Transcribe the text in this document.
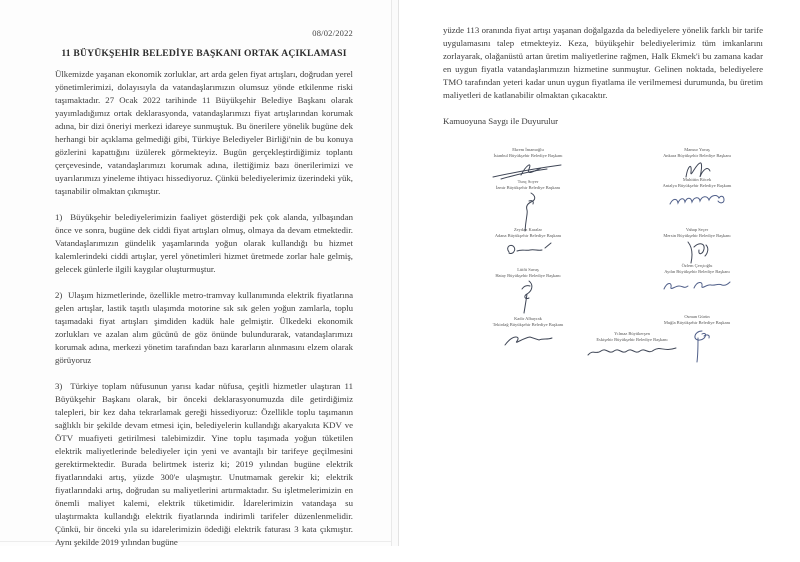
08/02/2022

11 BÜYÜKŞEHİR BELEDİYE BAŞKANI ORTAK AÇIKLAMASI

Ülkemizde yaşanan ekonomik zorluklar, art arda gelen fiyat artışları, doğrudan yerel yönetimlerimizi, dolayısıyla da vatandaşlarımızın olumsuz yönde etkilenme riski taşımaktadır. 27 Ocak 2022 tarihinde 11 Büyükşehir Belediye Başkanı olarak yayımladığımız ortak deklarasyonda, vatandaşlarımızı fiyat artışlarından korumak adına, bir dizi öneriyi merkezi idareye sunmuştuk. Bu önerilere yönelik bugüne dek herhangi bir açıklama gelmediği gibi, Türkiye Belediyeler Birliği'nin de bu konuya gözlerini kapattığını üzülerek görmekteyiz. Bugün gerçekleştirdiğimiz toplantı çerçevesinde, vatandaşlarımızı korumak adına, ilettiğimiz bazı önerilerimizi ve uyarılarımızı yineleme ihtiyacı hissediyoruz. Çünkü belediyelerimiz üzerindeki yük, taşınabilir olmaktan çıkmıştır.

1)  Büyükşehir belediyelerimizin faaliyet gösterdiği pek çok alanda, yılbaşından önce ve sonra, bugüne dek ciddi fiyat artışları olmuş, olmaya da devam etmektedir. Vatandaşlarımızın gündelik yaşamlarında yoğun olarak kullandığı bu hizmet kalemlerindeki ciddi artışlar, yerel yönetimleri hizmet üretmede zorlar hale gelmiş, gelecek günlerle ilgili kaygılar oluşturmuştur.

2)  Ulaşım hizmetlerinde, özellikle metro-tramvay kullanımında elektrik fiyatlarına gelen artışlar, lastik taşıtlı ulaşımda motorine sık sık gelen yoğun zamlarla, toplu taşımadaki fiyat artışları şimdiden kadük hale gelmiştir. Ülkedeki ekonomik zorlukları ve azalan alım gücünü de göz önünde bulundurarak, vatandaşlarımızı korumak adına, merkezi yönetim tarafından bazı kararların alınmasını elzem olarak görüyoruz

3)  Türkiye toplam nüfusunun yarısı kadar nüfusa, çeşitli hizmetler ulaştıran 11 Büyükşehir Başkanı olarak, bir önceki deklarasyonumuzda dile getirdiğimiz talepleri, bir kez daha tekrarlamak gereği hissediyoruz: Özellikle toplu taşımanın sağlıklı bir şekilde devam etmesi için, belediyelerin kullandığı akaryakıta KDV ve ÖTV muafiyeti getirilmesi talebimizdir. Yine toplu taşımada yoğun tüketilen elektrik maliyetlerinde belediyeler için yeni ve avantajlı bir tarifeye geçilmesini gerektirmektedir. Burada belirtmek isteriz ki; 2019 yılından bugüne elektrik fiyatlarındaki artış, yüzde 300'e ulaşmıştır. Unutmamak gerekir ki; elektrik fiyatlarındaki artış, doğrudan su maliyetlerini artırmaktadır. Su işletmelerimizin en önemli maliyet kalemi, elektrik tüketimidir. İdarelerimizin vatandaşa su ulaştırmakta kullandığı elektrik fiyatlarında indirimli tarifeler düzenlenmelidir. Çünkü, bir önceki yıla su idarelerimizin ödediği elektrik faturası 3 kata çıkmıştır. Aynı şekilde 2019 yılından bugüne

yüzde 113 oranında fiyat artışı yaşanan doğalgazda da belediyelere yönelik farklı bir tarife uygulamasını talep etmekteyiz. Keza, büyükşehir belediyelerimiz tüm imkanlarını zorlayarak, olağanüstü artan üretim maliyetlerine rağmen, Halk Ekmek'i bu zamana kadar en uygun fiyatla vatandaşlarımızın hizmetine sunmuştur. Gelinen noktada, belediyelere TMO tarafından yeteri kadar unun uygun fiyatlama ile verilmemesi durumunda, bu üretim maliyetleri de katlanabilir olmaktan çıkacaktır.

Kamuoyuna Saygı ile Duyurulur

Ekrem İmamoğlu
İstanbul Büyükşehir Belediye Başkanı
Mansur Yavaş
Ankara Büyükşehir Belediye Başkanı
Tunç Soyer
İzmir Büyükşehir Belediye Başkanı
Muhittin Böcek
Antalya Büyükşehir Belediye Başkanı
Zeydan Karalar
Adana Büyükşehir Belediye Başkanı
Vahap Seçer
Mersin Büyükşehir Belediye Başkanı
Lütfü Savaş
Hatay Büyükşehir Belediye Başkanı
Özlem Çerçioğlu
Aydın Büyükşehir Belediye Başkanı
Kadir Albayrak
Tekirdağ Büyükşehir Belediye Başkanı
Osman Gürün
Muğla Büyükşehir Belediye Başkanı
Yılmaz Büyükerşen
Eskişehir Büyükşehir Belediye Başkanı
